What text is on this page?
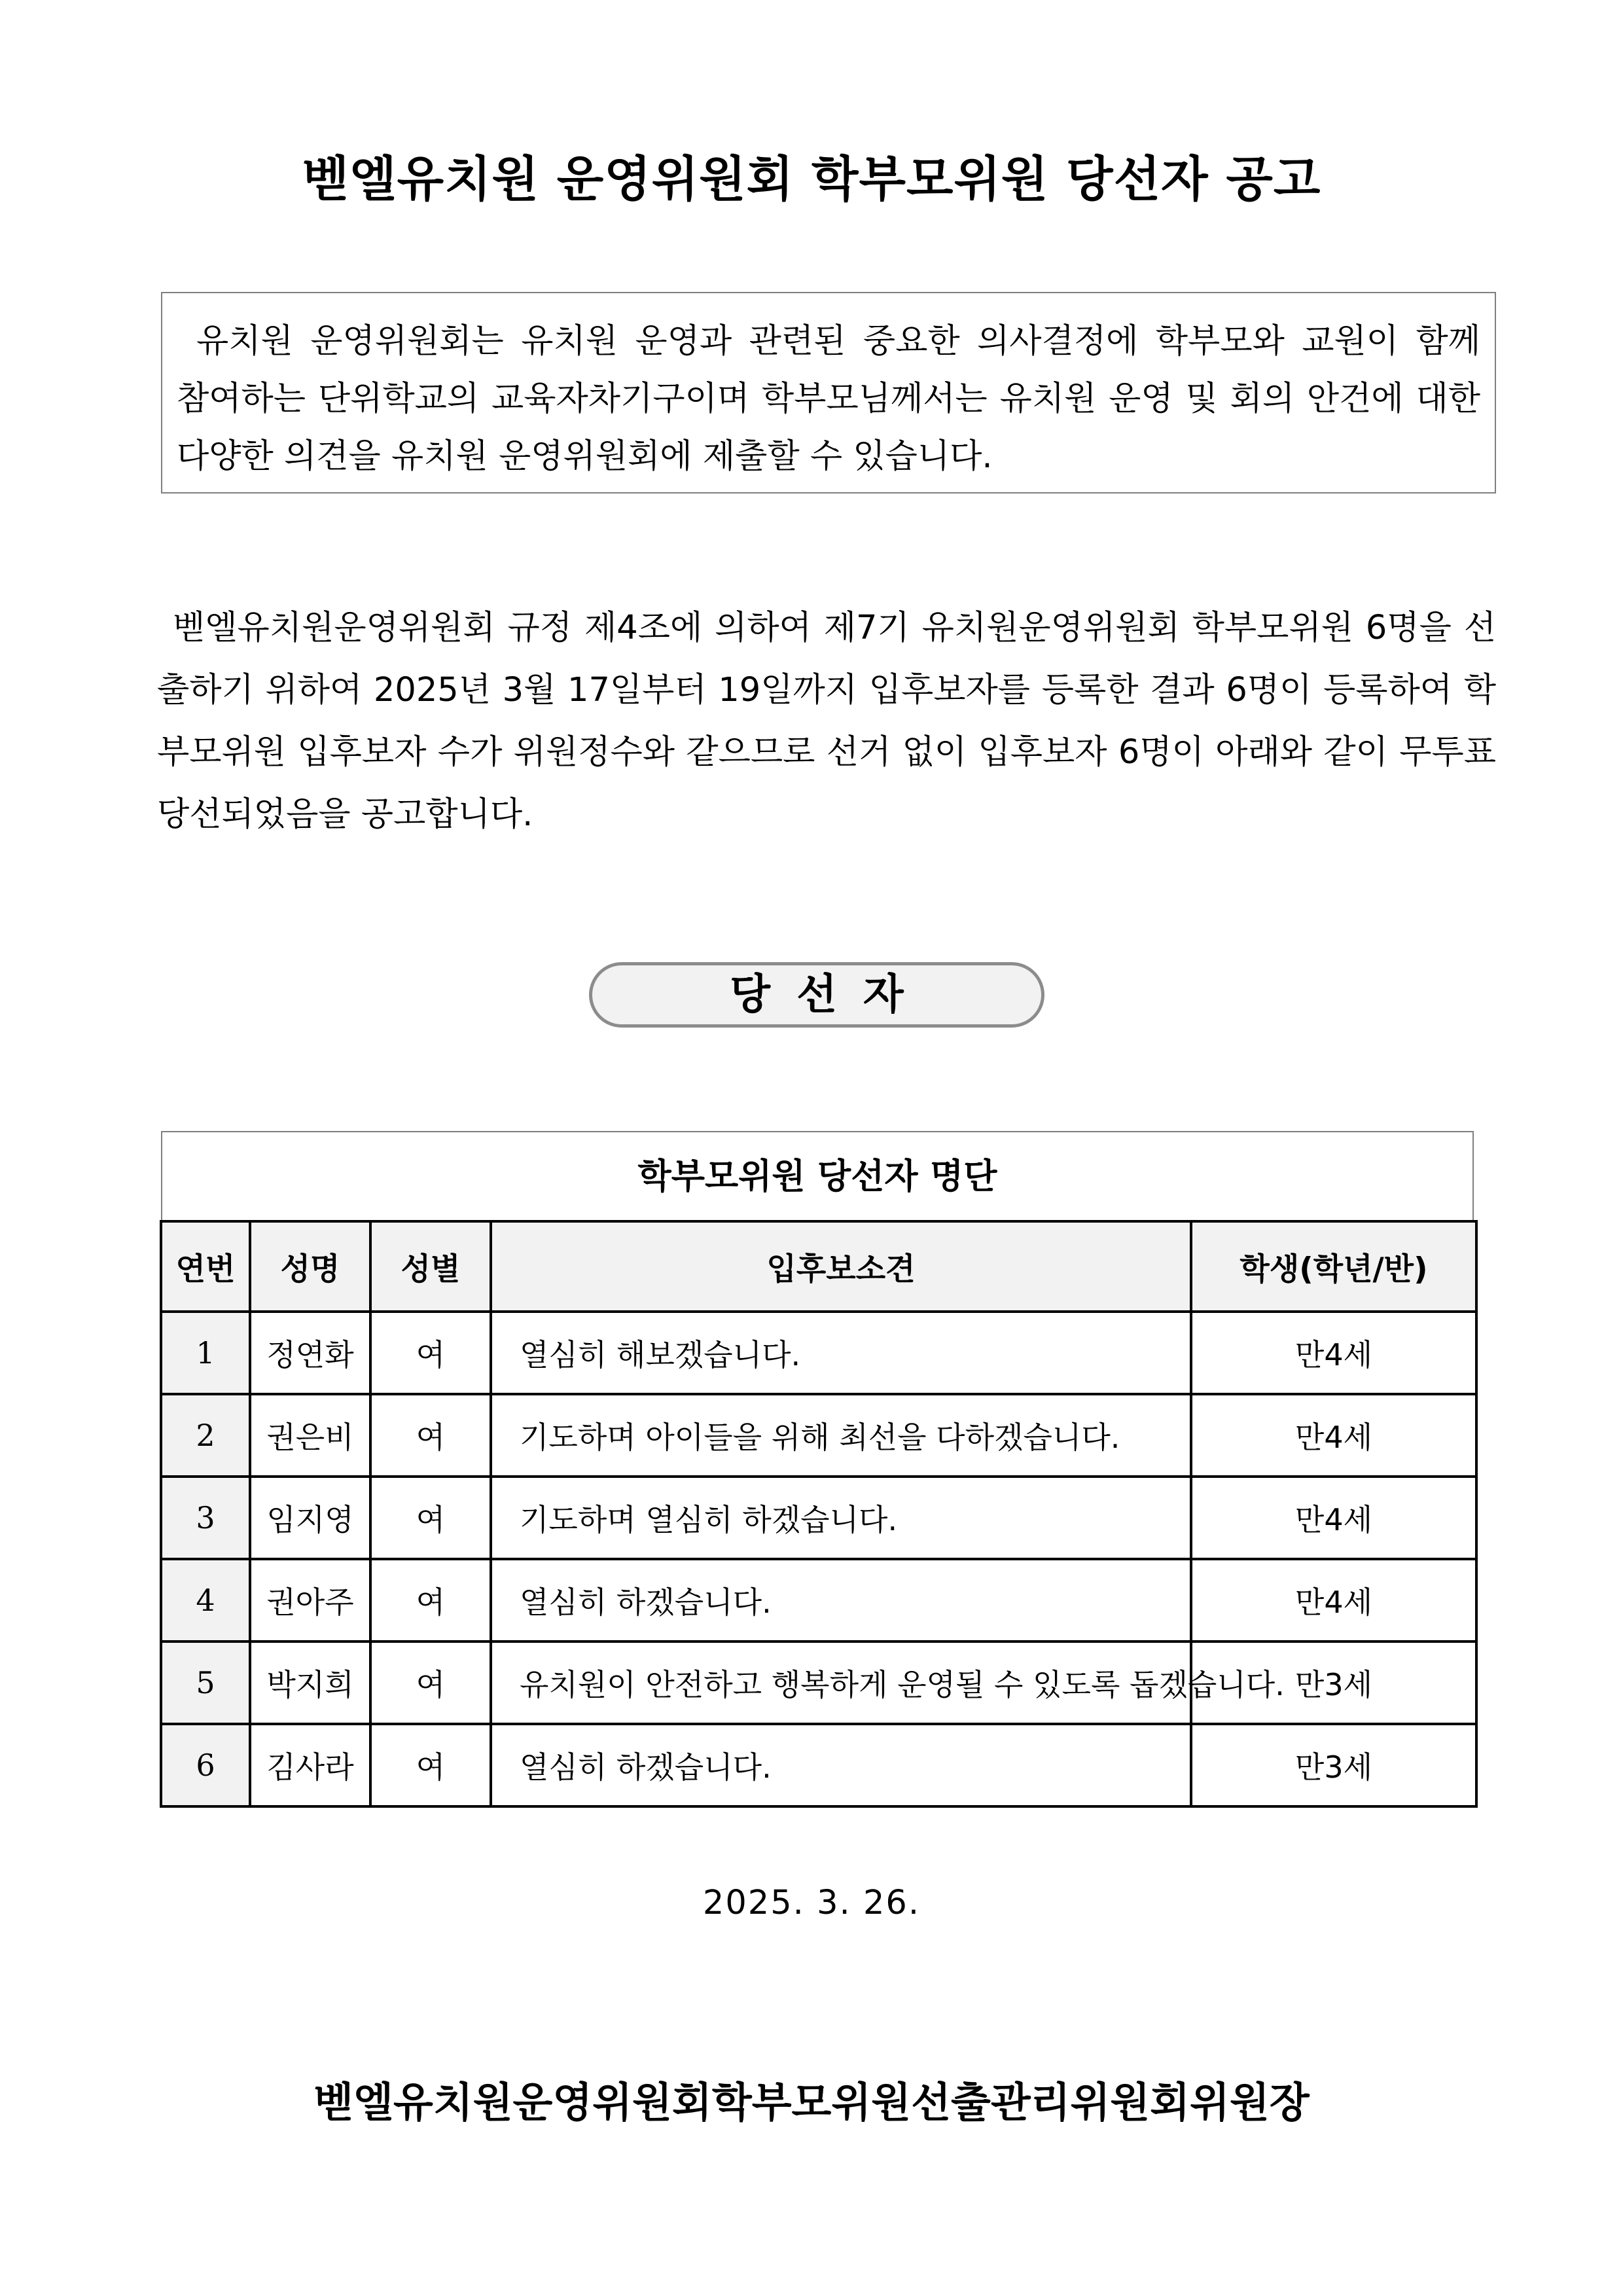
벧엘유치원 운영위원회 학부모위원 당선자 공고

유치원 운영위원회는 유치원 운영과 관련된 중요한 의사결정에 학부모와 교원이 함께 참여하는 단위학교의 교육자차기구이며 학부모님께서는 유치원 운영 및 회의 안건에 대한 다양한 의견을 유치원 운영위원회에 제출할 수 있습니다.

벧엘유치원운영위원회 규정 제4조에 의하여 제7기 유치원운영위원회 학부모위원 6명을 선출하기 위하여 2025년 3월 17일부터 19일까지 입후보자를 등록한 결과 6명이 등록하여 학부모위원 입후보자 수가 위원정수와 같으므로 선거 없이 입후보자 6명이 아래와 같이 무투표 당선되었음을 공고합니다.

당선자
학부모위원 당선자 명단
연번	성명	성별	입후보소견	학생(학년/반)
1	정연화	여	열심히 해보겠습니다.	만4세
2	권은비	여	기도하며 아이들을 위해 최선을 다하겠습니다.	만4세
3	임지영	여	기도하며 열심히 하겠습니다.	만4세
4	권아주	여	열심히 하겠습니다.	만4세
5	박지희	여	유치원이 안전하고 행복하게 운영될 수 있도록 돕겠습니다.	만3세
6	김사라	여	열심히 하겠습니다.	만3세
2025. 3. 26.
벧엘유치원운영위원회학부모위원선출관리위원회위원장
